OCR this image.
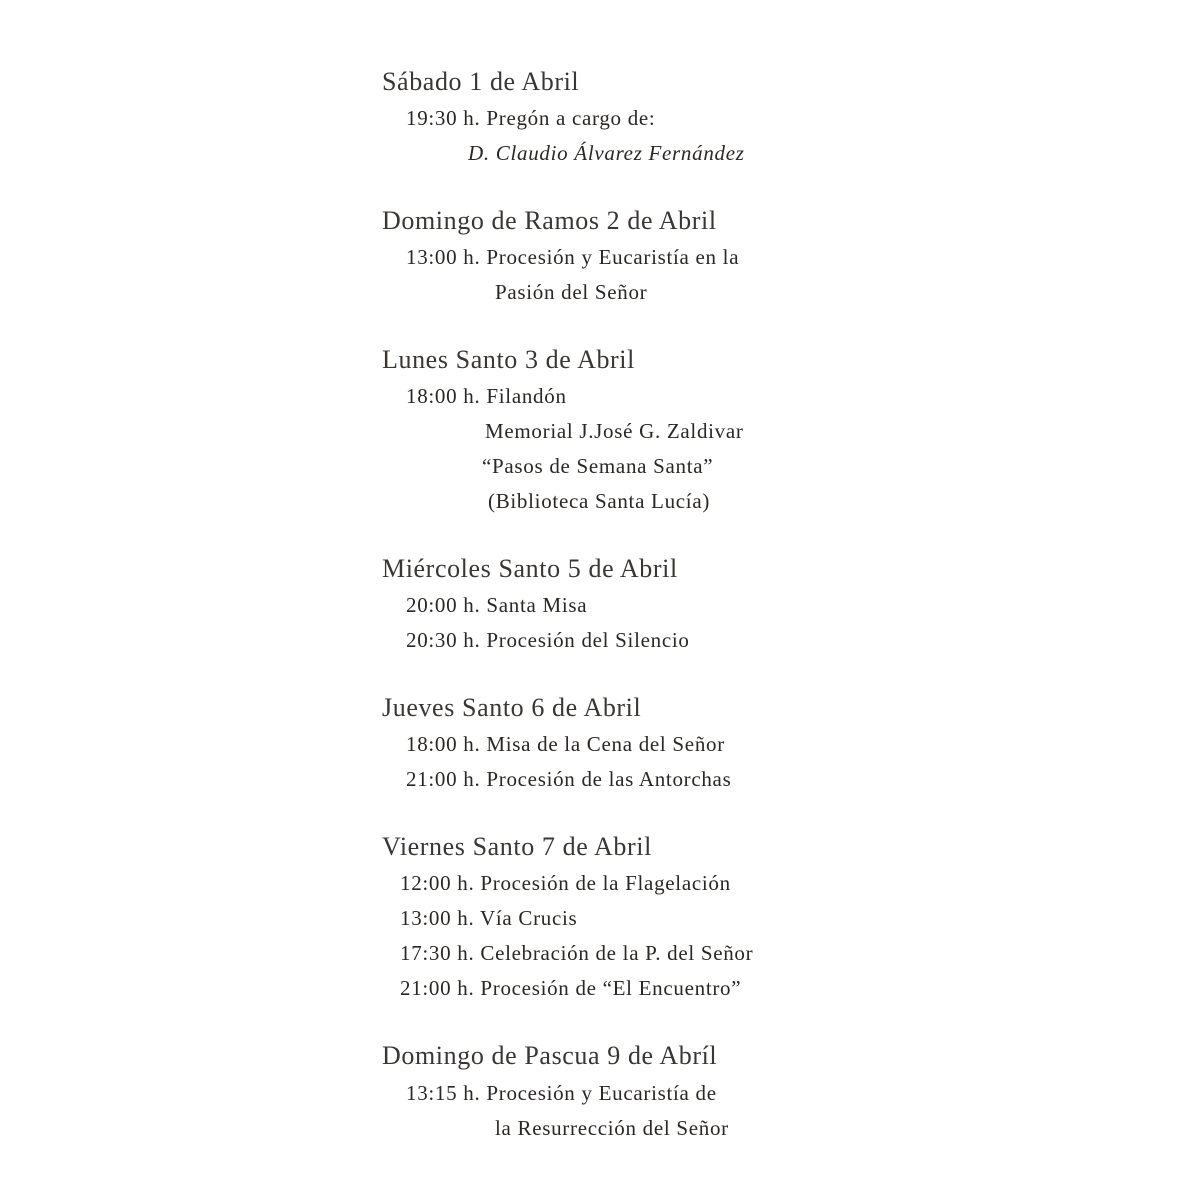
Sábado 1 de Abril
19:30 h. Pregón a cargo de:
D. Claudio Álvarez Fernández
Domingo de Ramos 2 de Abril
13:00 h. Procesión y Eucaristía en la
Pasión del Señor
Lunes Santo 3 de Abril
18:00 h. Filandón
Memorial J.José G. Zaldivar
“Pasos de Semana Santa”
(Biblioteca Santa Lucía)
Miércoles Santo 5 de Abril
20:00 h. Santa Misa
20:30 h. Procesión del Silencio
Jueves Santo 6 de Abril
18:00 h. Misa de la Cena del Señor
21:00 h. Procesión de las Antorchas
Viernes Santo 7 de Abril
12:00 h. Procesión de la Flagelación
13:00 h. Vía Crucis
17:30 h. Celebración de la P. del Señor
21:00 h. Procesión de “El Encuentro”
Domingo de Pascua 9 de Abríl
13:15 h. Procesión y Eucaristía de
la Resurrección del Señor
